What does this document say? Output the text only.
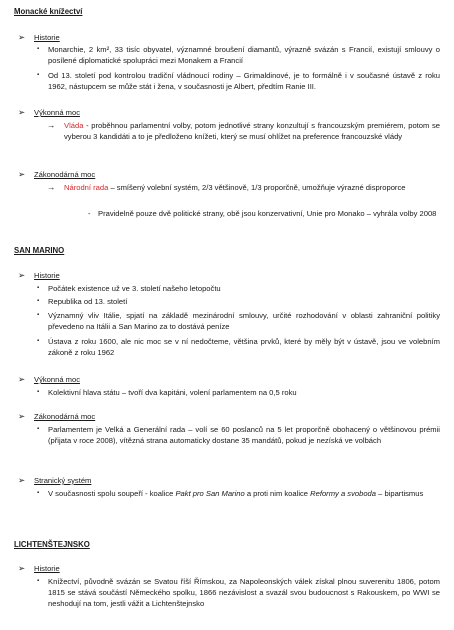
Monacké knížectví
➢ Historie
▪ Monarchie, 2 km², 33 tisíc obyvatel, významné broušení diamantů, výrazně svázán s Francií, existují smlouvy o posílené diplomatické spolupráci mezi Monakem a Francií
▪ Od 13. století pod kontrolou tradiční vládnoucí rodiny – Grimaldinové, je to formálně i v současné ústavě z roku 1962, nástupcem se může stát i žena, v současnosti je Albert, předtím Ranie III.
➢ Výkonná moc
→ Vláda - proběhnou parlamentní volby, potom jednotlivé strany konzultují s francouzským premiérem, potom se vyberou 3 kandidáti a to je předloženo knížeti, který se musí ohlížet na preference francouzské vlády
➢ Zákonodárná moc
→ Národní rada – smíšený volební systém, 2/3 většinově, 1/3 proporčně, umožňuje výrazné disproporce
- Pravidelně pouze dvě politické strany, obě jsou konzervativní, Unie pro Monako – vyhrála volby 2008
SAN MARINO
➢ Historie
▪ Počátek existence už ve 3. století našeho letopočtu
▪ Republika od 13. století
▪ Významný vliv Itálie, spjatí na základě mezinárodní smlouvy, určité rozhodování v oblasti zahraniční politiky převedeno na Itálii a San Marino za to dostává peníze
▪ Ústava z roku 1600, ale nic moc se v ní nedočteme, většina prvků, které by měly být v ústavě, jsou ve volebním zákoně z roku 1962
➢ Výkonná moc
▪ Kolektivní hlava státu – tvoří dva kapitáni, volení parlamentem na 0,5 roku
➢ Zákonodárná moc
▪ Parlamentem je Velká a Generální rada – volí se 60 poslanců na 5 let proporčně obohacený o většinovou prémii (přijata v roce 2008), vítězná strana automaticky dostane 35 mandátů, pokud je nezíská ve volbách
➢ Stranický systém
▪ V současnosti spolu soupeří - koalice Pakt pro San Marino a proti nim koalice Reformy a svoboda – bipartismus
LICHTENŠTEJNSKO
➢ Historie
▪ Knížectví, původně svázán se Svatou říší Římskou, za Napoleonských válek získal plnou suverenitu 1806, potom 1815 se stává součástí Německého spolku, 1866 nezávislost a svazál svou budoucnost s Rakouskem, po WWI se neshodují na tom, jestli vážit a Lichtenštejnsko
